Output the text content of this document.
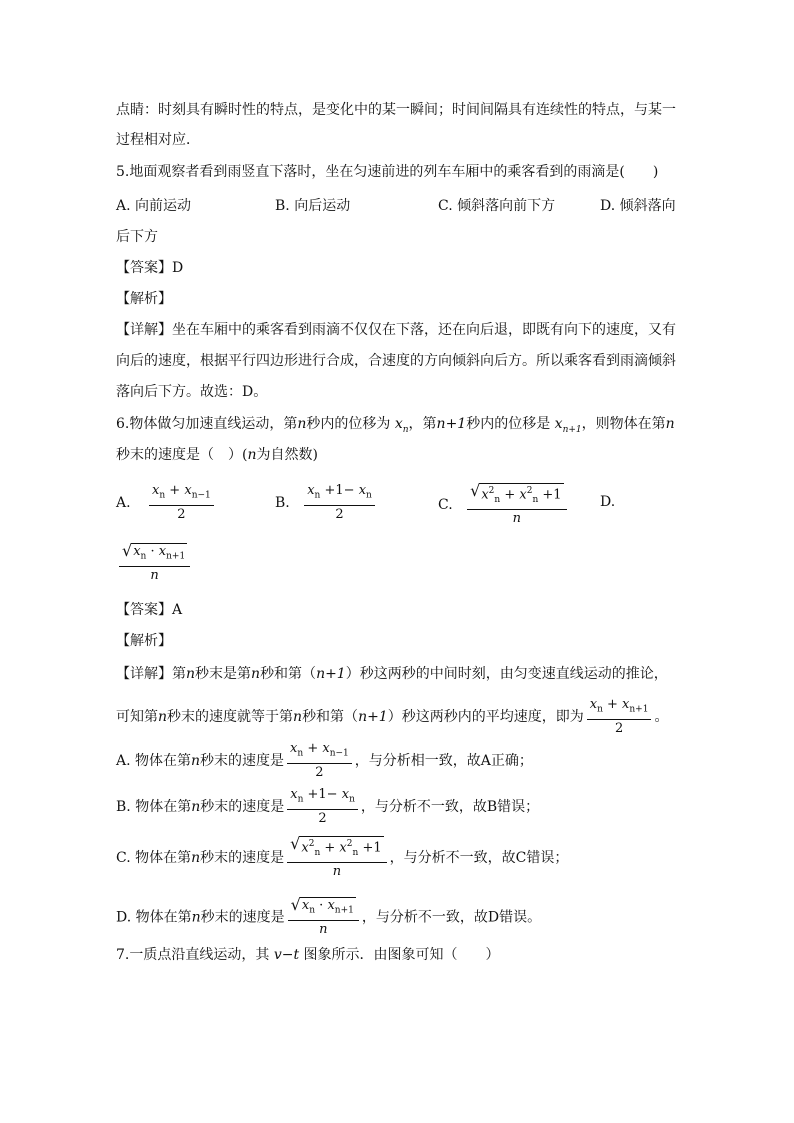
点睛：时刻具有瞬时性的特点，是变化中的某一瞬间；时间间隔具有连续性的特点，与某一
过程相对应．
5.地面观察者看到雨竖直下落时，坐在匀速前进的列车车厢中的乘客看到的雨滴是(　　)
A. 向前运动	B. 向后运动	C. 倾斜落向前下方	D. 倾斜落向
后下方
【答案】D
【解析】
【详解】坐在车厢中的乘客看到雨滴不仅仅在下落，还在向后退，即既有向下的速度，又有
向后的速度，根据平行四边形进行合成，合速度的方向倾斜向后方。所以乘客看到雨滴倾斜
落向后下方。故选：D。
6.物体做匀加速直线运动，第n秒内的位移为 $x_n$，第n+1秒内的位移是 $x_{n+1}$，则物体在第n
秒末的速度是（　）(n为自然数)
A. $\frac{x_n + x_{n-1}}{2}$	B. $\frac{x_n +1- x_n}{2}$	C. $\frac{√ x^2_n + x^2_n +1}{n} D$.
$\frac{√ x_n \cdot x_{n+1}}{n}$
【答案】A
【解析】
【详解】第n秒末是第n秒和第（n+1）秒这两秒的中间时刻，由匀变速直线运动的推论，
可知第n秒末的速度就等于第n秒和第（n+1）秒这两秒内的平均速度，即为 $\frac{x_n + x_{n+1}}{2}$ 。
A. 物体在第n秒末的速度是 $\frac{x_n + x_{n-1}}{2}$ ，与分析相一致，故A正确；
B. 物体在第n秒末的速度是 $\frac{x_n +1- x_n}{2}$ ，与分析不一致，故B错误；
C. 物体在第n秒末的速度是 $\frac{√ x^2_n + x^2_n +1}{n}$ ，与分析不一致，故C错误；
D. 物体在第n秒末的速度是 $\frac{√ x_n \cdot x_{n+1}}{n}$ ，与分析不一致，故D错误。
7.一质点沿直线运动，其 v−t 图象所示．由图象可知（　　）
